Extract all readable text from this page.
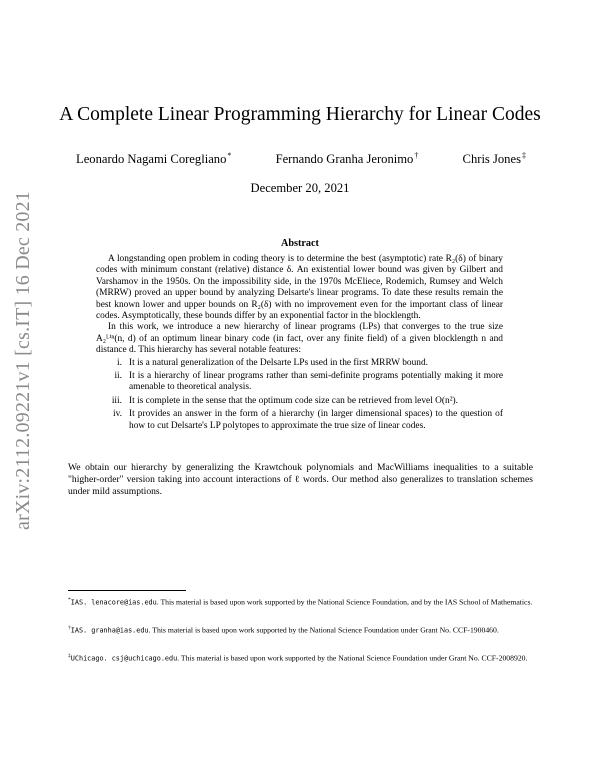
arXiv:2112.09221v1 [cs.IT] 16 Dec 2021
A Complete Linear Programming Hierarchy for Linear Codes
Leonardo Nagami Coregliano*	Fernando Granha Jeronimo†	Chris Jones‡
December 20, 2021
Abstract

A longstanding open problem in coding theory is to determine the best (asymptotic) rate R₂(δ) of binary codes with minimum constant (relative) distance δ. An existential lower bound was given by Gilbert and Varshamov in the 1950s. On the impossibility side, in the 1970s McEliece, Rodemich, Rumsey and Welch (MRRW) proved an upper bound by analyzing Delsarte's linear programs. To date these results remain the best known lower and upper bounds on R₂(δ) with no improvement even for the important class of linear codes. Asymptotically, these bounds differ by an exponential factor in the blocklength.

In this work, we introduce a new hierarchy of linear programs (LPs) that converges to the true size A₂ᴸⁱⁿ(n, d) of an optimum linear binary code (in fact, over any finite field) of a given blocklength n and distance d. This hierarchy has several notable features:

i. It is a natural generalization of the Delsarte LPs used in the first MRRW bound.
ii. It is a hierarchy of linear programs rather than semi-definite programs potentially making it more amenable to theoretical analysis.
iii. It is complete in the sense that the optimum code size can be retrieved from level O(n²).
iv. It provides an answer in the form of a hierarchy (in larger dimensional spaces) to the question of how to cut Delsarte's LP polytopes to approximate the true size of linear codes.
We obtain our hierarchy by generalizing the Krawtchouk polynomials and MacWilliams inequalities to a suitable "higher-order" version taking into account interactions of ℓ words. Our method also generalizes to translation schemes under mild assumptions.
*IAS. lenacore@ias.edu. This material is based upon work supported by the National Science Foundation, and by the IAS School of Mathematics.
†IAS. granha@ias.edu. This material is based upon work supported by the National Science Foundation under Grant No. CCF-1900460.
‡UChicago. csj@uchicago.edu. This material is based upon work supported by the National Science Foundation under Grant No. CCF-2008920.
